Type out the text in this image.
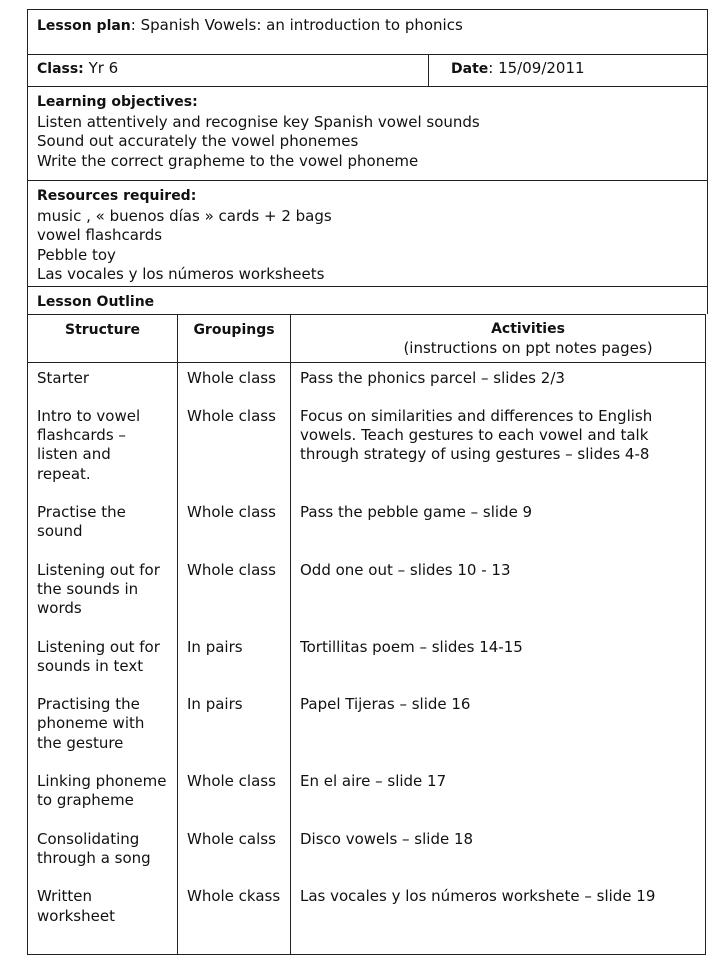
Lesson plan: Spanish Vowels: an introduction to phonics
Class: Yr 6	Date: 15/09/2011
Learning objectives:
Listen attentively and recognise key Spanish vowel sounds
Sound out accurately the vowel phonemes
Write the correct grapheme to the vowel phoneme
Resources required:
music , « buenos días » cards + 2 bags
vowel flashcards
Pebble toy
Las vocales y los números worksheets
Lesson Outline
Structure	Groupings	Activities
(instructions on ppt notes pages)

Starter	Whole class	Pass the phonics parcel – slides 2/3
Intro to vowel flashcards – listen and repeat.	Whole class	Focus on similarities and differences to English vowels. Teach gestures to each vowel and talk through strategy of using gestures – slides 4-8
Practise the sound	Whole class	Pass the pebble game – slide 9
Listening out for the sounds in words	Whole class	Odd one out – slides 10 - 13
Listening out for sounds in text	In pairs	Tortillitas poem – slides 14-15
Practising the phoneme with the gesture	In pairs	Papel Tijeras – slide 16
Linking phoneme to grapheme	Whole class	En el aire – slide 17
Consolidating through a song	Whole calss	Disco vowels – slide 18
Written worksheet	Whole ckass	Las vocales y los números workshete – slide 19
